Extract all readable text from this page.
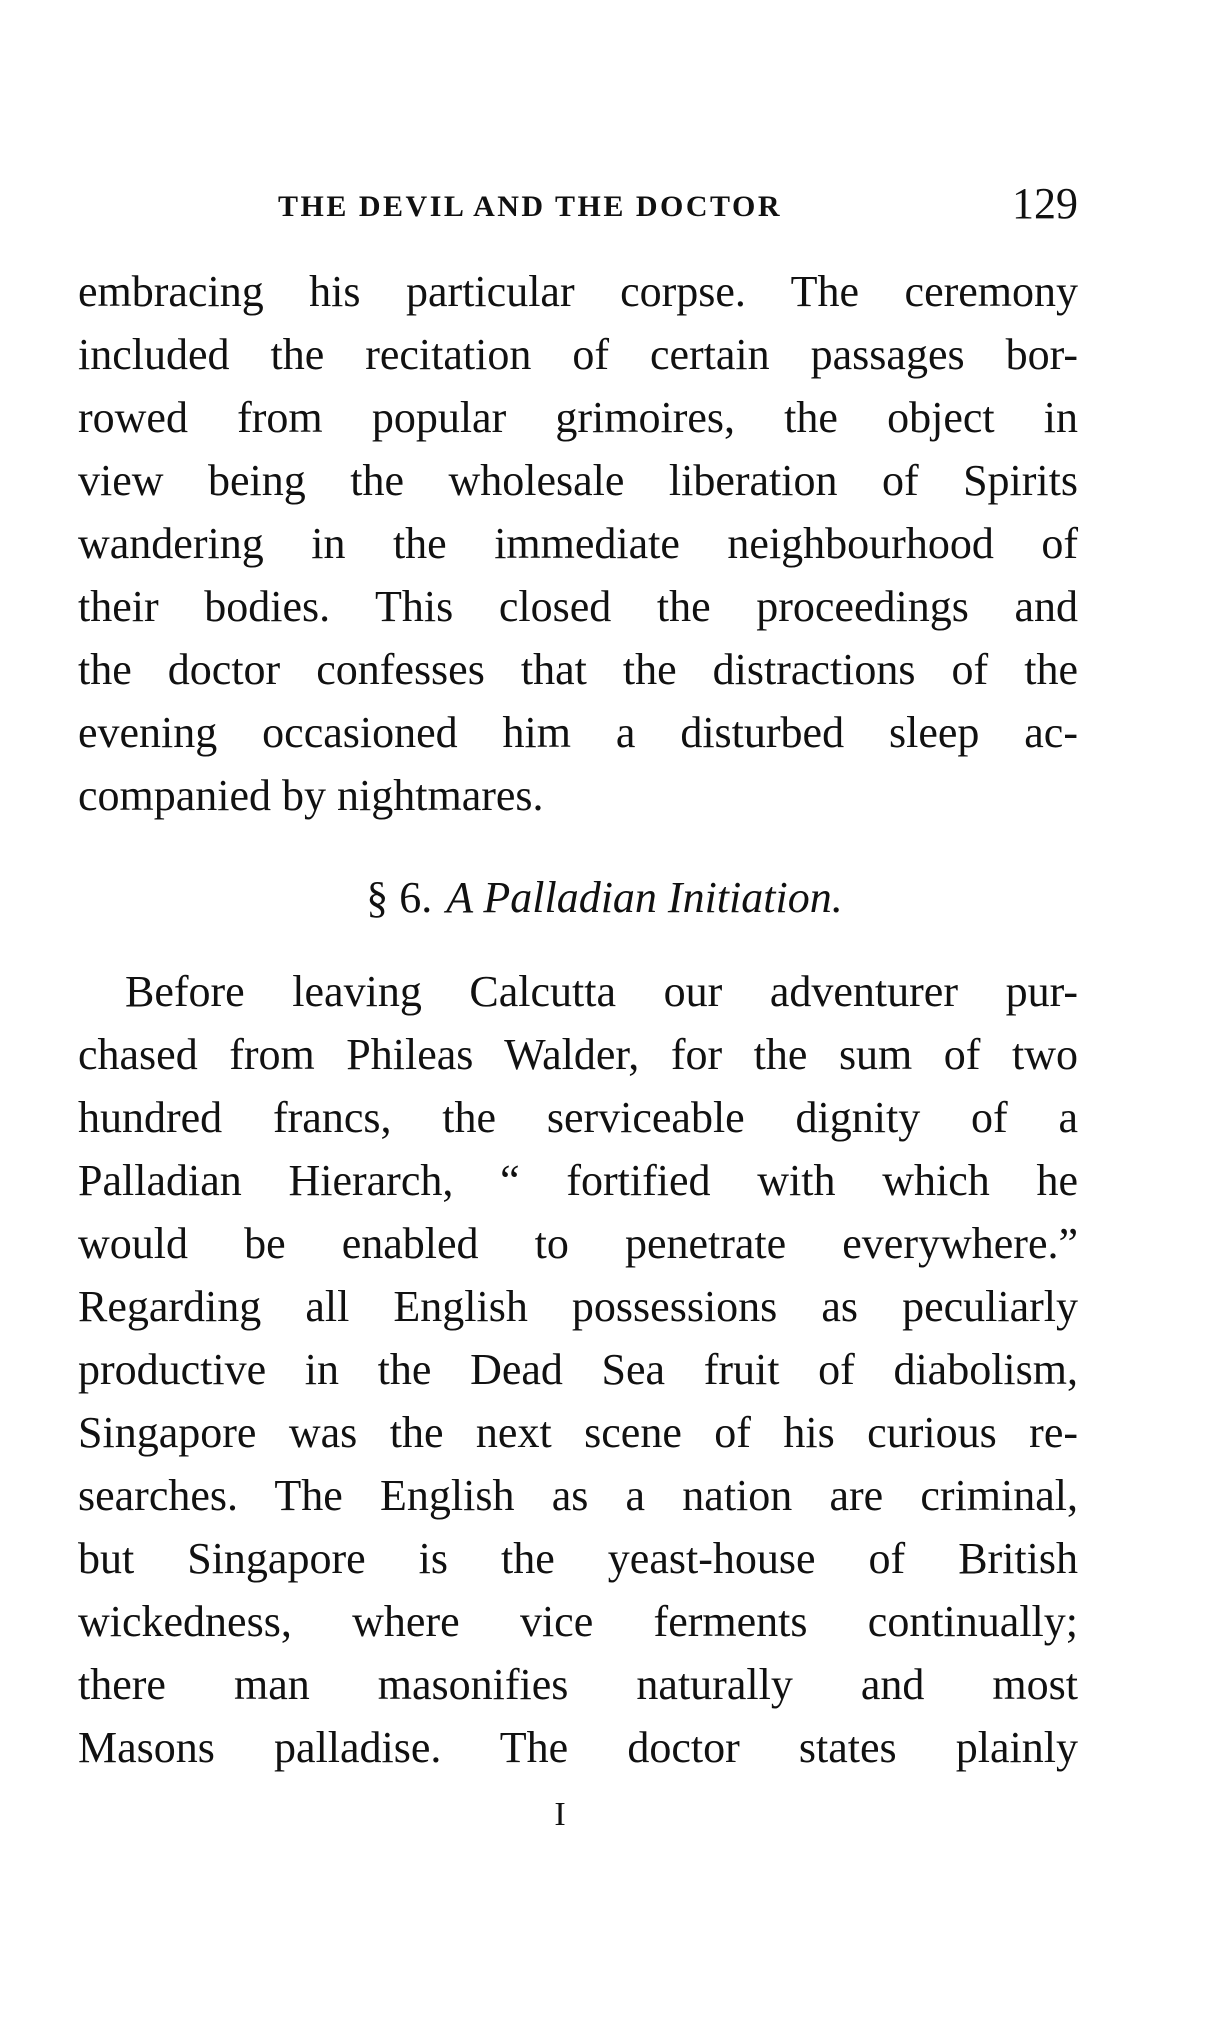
THE DEVIL AND THE DOCTOR	129
embracing his particular corpse. The ceremony
included the recitation of certain passages bor-
rowed from popular grimoires, the object in
view being the wholesale liberation of Spirits
wandering in the immediate neighbourhood of
their bodies. This closed the proceedings and
the doctor confesses that the distractions of the
evening occasioned him a disturbed sleep ac-
companied by nightmares.
§ 6. A Palladian Initiation.
Before leaving Calcutta our adventurer pur-
chased from Phileas Walder, for the sum of two
hundred francs, the serviceable dignity of a
Palladian Hierarch, “ fortified with which he
would be enabled to penetrate everywhere.”
Regarding all English possessions as peculiarly
productive in the Dead Sea fruit of diabolism,
Singapore was the next scene of his curious re-
searches. The English as a nation are criminal,
but Singapore is the yeast-house of British
wickedness, where vice ferments continually;
there man masonifies naturally and most
Masons palladise. The doctor states plainly
I
